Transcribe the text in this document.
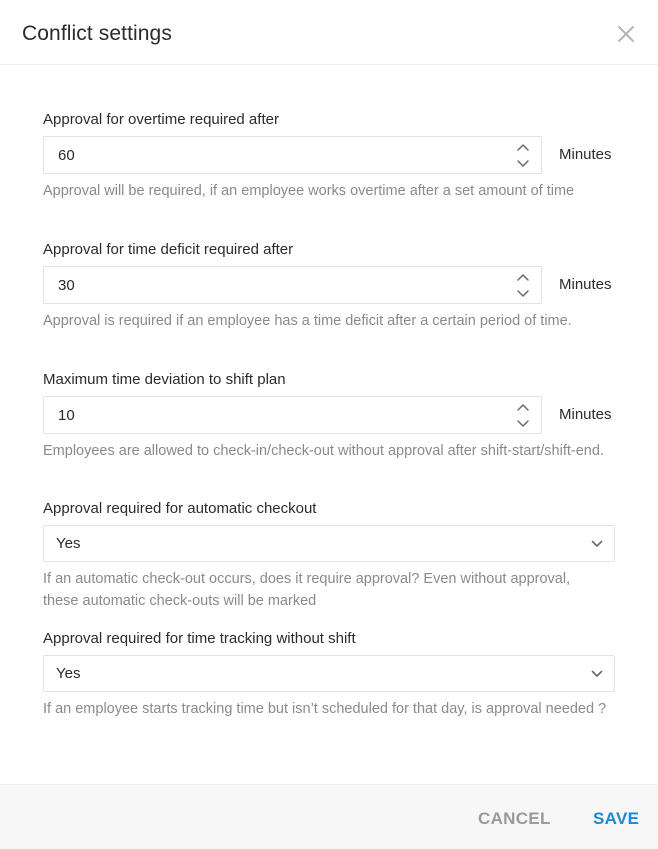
Conflict settings
Approval for overtime required after
60	Minutes
Approval will be required, if an employee works overtime after a set amount of time
Approval for time deficit required after
30	Minutes
Approval is required if an employee has a time deficit after a certain period of time.
Maximum time deviation to shift plan
10	Minutes
Employees are allowed to check-in/check-out without approval after shift-start/shift-end.
Approval required for automatic checkout
Yes
If an automatic check-out occurs, does it require approval? Even without approval, these automatic check-outs will be marked
Approval required for time tracking without shift
Yes
If an employee starts tracking time but isn’t scheduled for that day, is approval needed ?
CANCEL SAVE
